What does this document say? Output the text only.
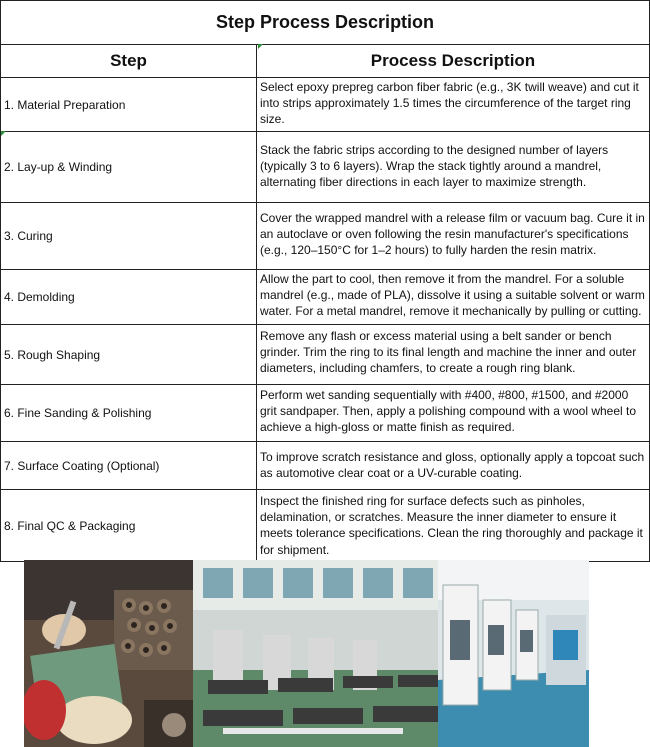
Step Process Description	
Step	Process Description
1. Material Preparation	Select epoxy prepreg carbon fiber fabric (e.g., 3K twill weave) and cut it into strips approximately 1.5 times the circumference of the target ring size.

2. Lay-up & Winding	Stack the fabric strips according to the designed number of layers (typically 3 to 6 layers). Wrap the stack tightly around a mandrel, alternating fiber directions in each layer to maximize strength.

3. Curing	Cover the wrapped mandrel with a release film or vacuum bag. Cure it in an autoclave or oven following the resin manufacturer's specifications (e.g., 120–150°C for 1–2 hours) to fully harden the resin matrix.

4. Demolding	Allow the part to cool, then remove it from the mandrel. For a soluble mandrel (e.g., made of PLA), dissolve it using a suitable solvent or warm water. For a metal mandrel, remove it mechanically by pulling or cutting.

5. Rough Shaping	Remove any flash or excess material using a belt sander or bench grinder. Trim the ring to its final length and machine the inner and outer diameters, including chamfers, to create a rough ring blank.

6. Fine Sanding & Polishing	Perform wet sanding sequentially with #400, #800, #1500, and #2000 grit sandpaper. Then, apply a polishing compound with a wool wheel to achieve a high-gloss or matte finish as required.

7. Surface Coating (Optional)	To improve scratch resistance and gloss, optionally apply a topcoat such as automotive clear coat or a UV-curable coating.

8. Final QC & Packaging	Inspect the finished ring for surface defects such as pinholes, delamination, or scratches. Measure the inner diameter to ensure it meets tolerance specifications. Clean the ring thoroughly and package it for shipment.
